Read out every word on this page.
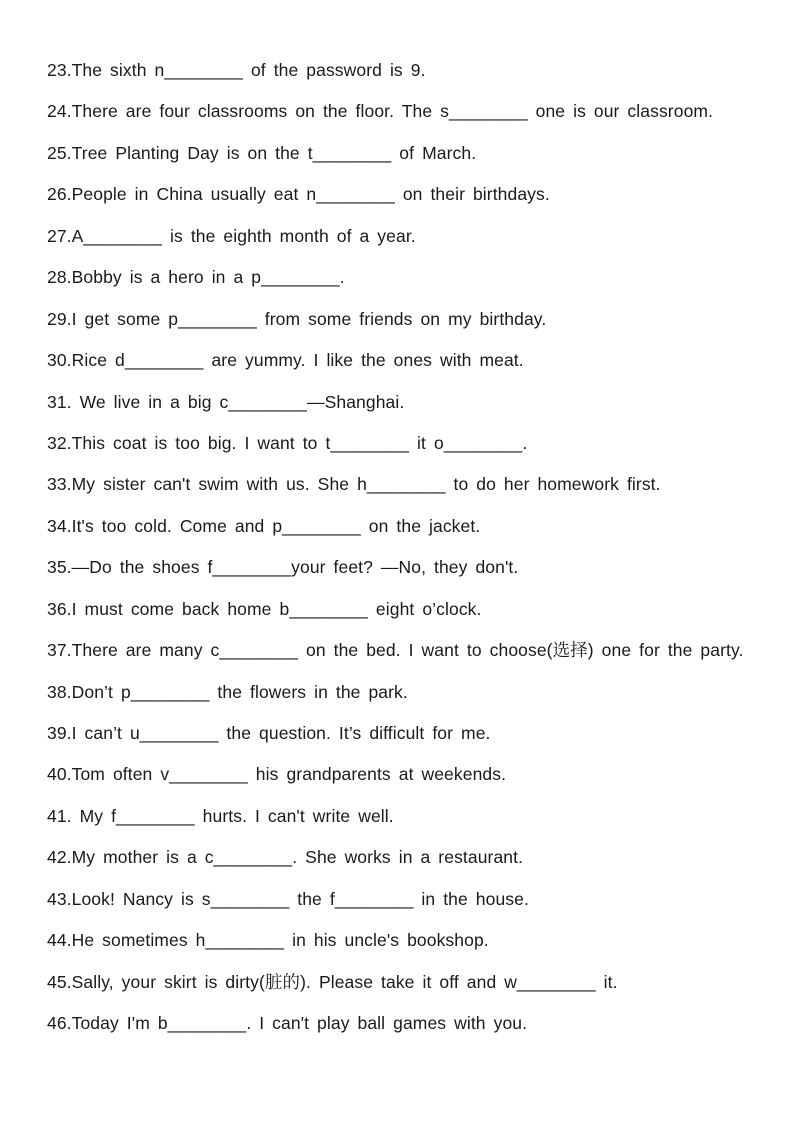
23.The sixth n________ of the password is 9.
24.There are four classrooms on the floor. The s________ one is our classroom.
25.Tree Planting Day is on the t________ of March.
26.People in China usually eat n________ on their birthdays.
27.A________ is the eighth month of a year.
28.Bobby is a hero in a p________.
29.I get some p________ from some friends on my birthday.
30.Rice d________ are yummy. I like the ones with meat.
31. We live in a big c________—Shanghai.
32.This coat is too big. I want to t________ it o________.
33.My sister can't swim with us. She h________ to do her homework first.
34.It's too cold. Come and p________ on the jacket.
35.—Do the shoes f________your feet? —No, they don't.
36.I must come back home b________ eight o’clock.
37.There are many c________ on the bed. I want to choose(选择) one for the party.
38.Don’t p________ the flowers in the park.
39.I can’t u________ the question. It’s difficult for me.
40.Tom often v________ his grandparents at weekends.
41. My f________ hurts. I can't write well.
42.My mother is a c________. She works in a restaurant.
43.Look! Nancy is s________ the f________ in the house.
44.He sometimes h________ in his uncle's bookshop.
45.Sally, your skirt is dirty(脏的). Please take it off and w________ it.
46.Today I'm b________. I can't play ball games with you.
